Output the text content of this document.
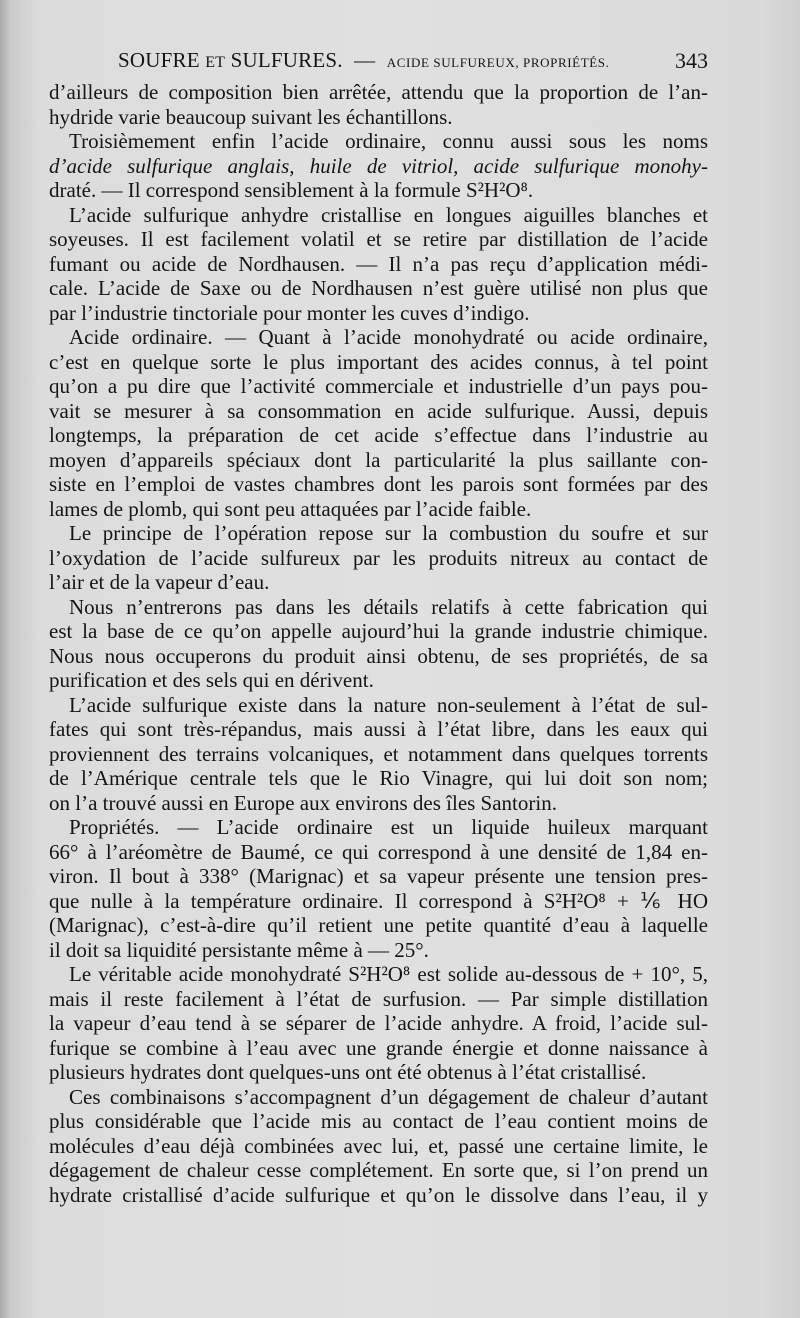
SOUFRE ET SULFURES. — ACIDE SULFUREUX, PROPRIÉTÉS.	343

d’ailleurs de composition bien arrêtée, attendu que la proportion de l’an-
hydride varie beaucoup suivant les échantillons.

Troisièmement enfin l’acide ordinaire, connu aussi sous les noms
d’acide sulfurique anglais, huile de vitriol, acide sulfurique monohy-
draté. — Il correspond sensiblement à la formule S²H²O⁸.

L’acide sulfurique anhydre cristallise en longues aiguilles blanches et
soyeuses. Il est facilement volatil et se retire par distillation de l’acide
fumant ou acide de Nordhausen. — Il n’a pas reçu d’application médi-
cale. L’acide de Saxe ou de Nordhausen n’est guère utilisé non plus que
par l’industrie tinctoriale pour monter les cuves d’indigo.

Acide ordinaire. — Quant à l’acide monohydraté ou acide ordinaire,
c’est en quelque sorte le plus important des acides connus, à tel point
qu’on a pu dire que l’activité commerciale et industrielle d’un pays pou-
vait se mesurer à sa consommation en acide sulfurique. Aussi, depuis
longtemps, la préparation de cet acide s’effectue dans l’industrie au
moyen d’appareils spéciaux dont la particularité la plus saillante con-
siste en l’emploi de vastes chambres dont les parois sont formées par des
lames de plomb, qui sont peu attaquées par l’acide faible.

Le principe de l’opération repose sur la combustion du soufre et sur
l’oxydation de l’acide sulfureux par les produits nitreux au contact de
l’air et de la vapeur d’eau.

Nous n’entrerons pas dans les détails relatifs à cette fabrication qui
est la base de ce qu’on appelle aujourd’hui la grande industrie chimique.
Nous nous occuperons du produit ainsi obtenu, de ses propriétés, de sa
purification et des sels qui en dérivent.

L’acide sulfurique existe dans la nature non-seulement à l’état de sul-
fates qui sont très-répandus, mais aussi à l’état libre, dans les eaux qui
proviennent des terrains volcaniques, et notamment dans quelques torrents
de l’Amérique centrale tels que le Rio Vinagre, qui lui doit son nom;
on l’a trouvé aussi en Europe aux environs des îles Santorin.

Propriétés. — L’acide ordinaire est un liquide huileux marquant
66° à l’aréomètre de Baumé, ce qui correspond à une densité de 1,84 en-
viron. Il bout à 338° (Marignac) et sa vapeur présente une tension pres-
que nulle à la température ordinaire. Il correspond à S²H²O⁸ + ⅙ HO
(Marignac), c’est-à-dire qu’il retient une petite quantité d’eau à laquelle
il doit sa liquidité persistante même à — 25°.

Le véritable acide monohydraté S²H²O⁸ est solide au-dessous de + 10°, 5,
mais il reste facilement à l’état de surfusion. — Par simple distillation
la vapeur d’eau tend à se séparer de l’acide anhydre. A froid, l’acide sul-
furique se combine à l’eau avec une grande énergie et donne naissance à
plusieurs hydrates dont quelques-uns ont été obtenus à l’état cristallisé.

Ces combinaisons s’accompagnent d’un dégagement de chaleur d’autant
plus considérable que l’acide mis au contact de l’eau contient moins de
molécules d’eau déjà combinées avec lui, et, passé une certaine limite, le
dégagement de chaleur cesse complétement. En sorte que, si l’on prend un
hydrate cristallisé d’acide sulfurique et qu’on le dissolve dans l’eau, il y
